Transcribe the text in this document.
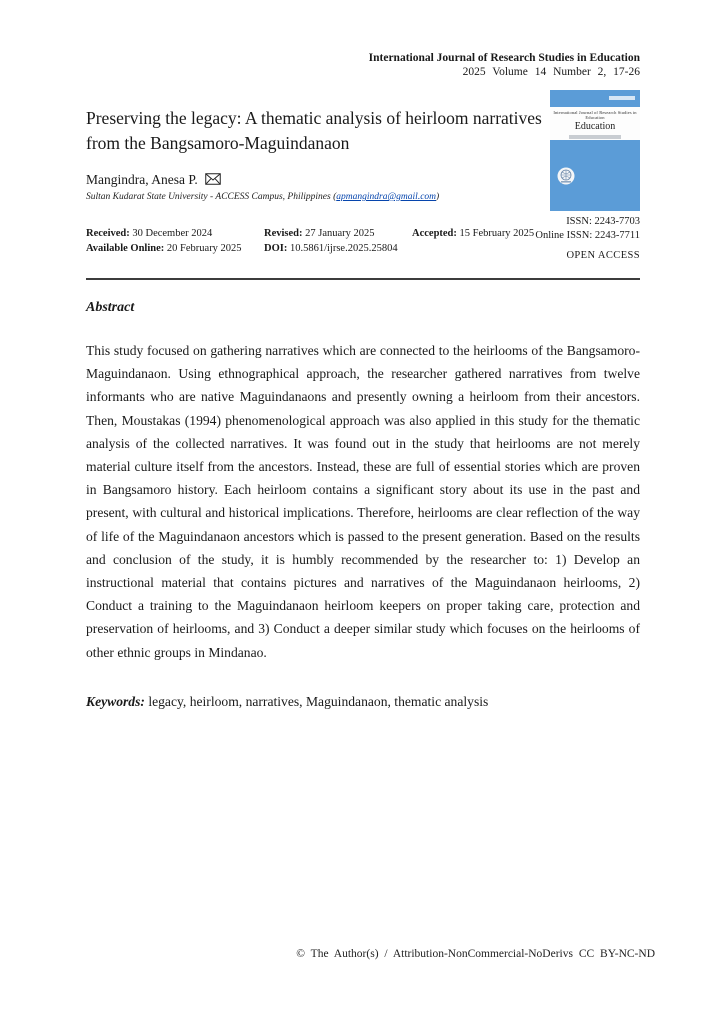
International Journal of Research Studies in Education
2025 Volume 14 Number 2, 17-26
Preserving the legacy: A thematic analysis of heirloom narratives from the Bangsamoro-Maguindanaon
Mangindra, Anesa P.
Sultan Kudarat State University - ACCESS Campus, Philippines (apmangindra@gmail.com)
Received: 30 December 2024
Available Online: 20 February 2025
Revised: 27 January 2025
DOI: 10.5861/ijrse.2025.25804
Accepted: 15 February 2025
International Journal of Research Studies in Education
Education
ISSN: 2243-7703
Online ISSN: 2243-7711
OPEN ACCESS
Abstract
This study focused on gathering narratives which are connected to the heirlooms of the Bangsamoro-Maguindanaon. Using ethnographical approach, the researcher gathered narratives from twelve informants who are native Maguindanaons and presently owning a heirloom from their ancestors. Then, Moustakas (1994) phenomenological approach was also applied in this study for the thematic analysis of the collected narratives. It was found out in the study that heirlooms are not merely material culture itself from the ancestors. Instead, these are full of essential stories which are proven in Bangsamoro history. Each heirloom contains a significant story about its use in the past and present, with cultural and historical implications. Therefore, heirlooms are clear reflection of the way of life of the Maguindanaon ancestors which is passed to the present generation. Based on the results and conclusion of the study, it is humbly recommended by the researcher to: 1) Develop an instructional material that contains pictures and narratives of the Maguindanaon heirlooms, 2) Conduct a training to the Maguindanaon heirloom keepers on proper taking care, protection and preservation of heirlooms, and 3) Conduct a deeper similar study which focuses on the heirlooms of other ethnic groups in Mindanao.
Keywords: legacy, heirloom, narratives, Maguindanaon, thematic analysis
© The Author(s) / Attribution-NonCommercial-NoDerivs CC BY-NC-ND
